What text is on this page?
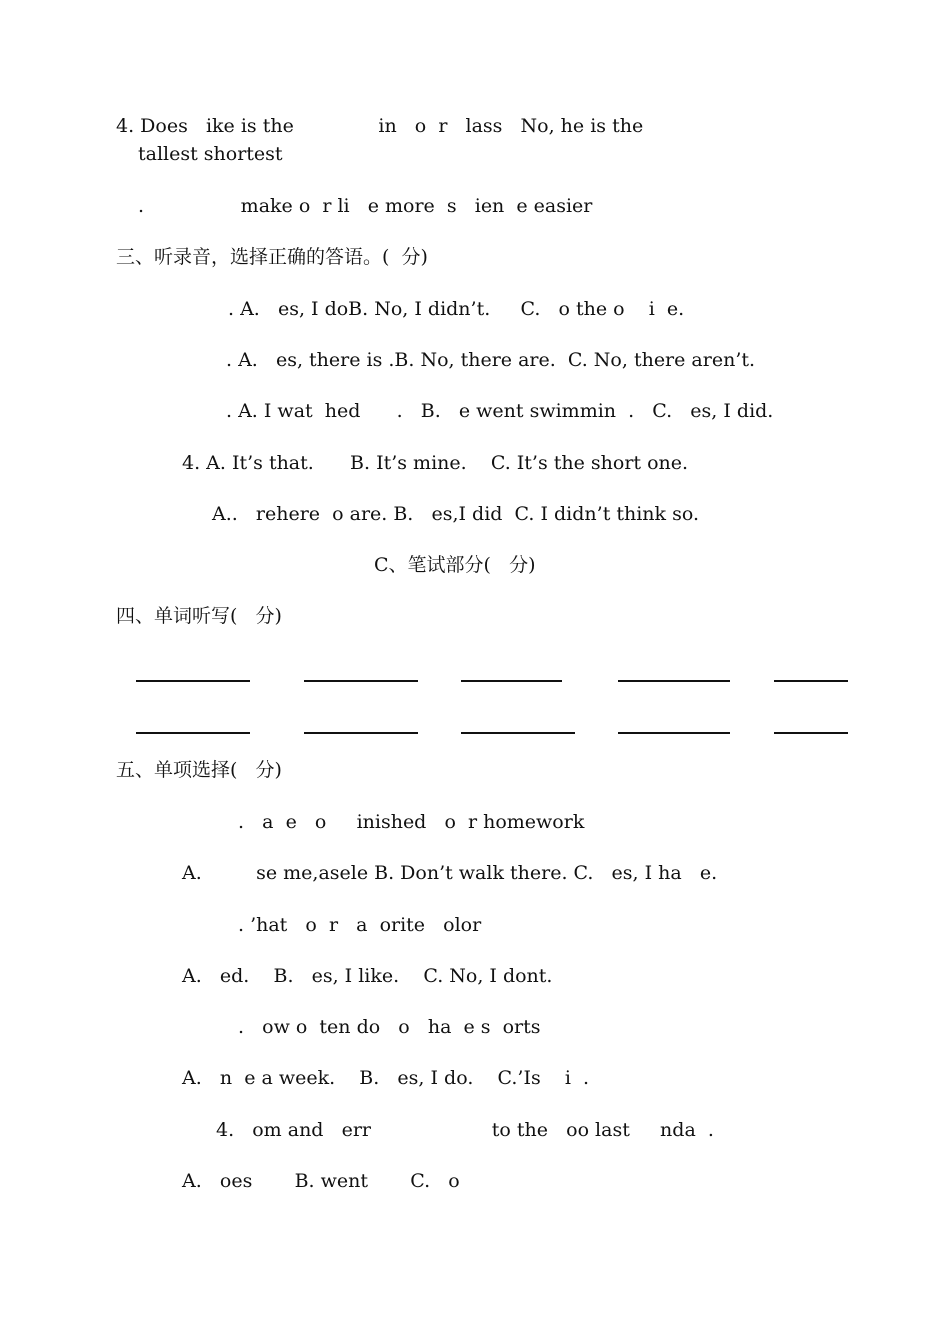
4. Does   ike is the              in   o  r   lass   No, he is the
tallest shortest
.                make o  r li   e more  s   ien  e easier
三、听录音，选择正确的答语。(  分)
. A.   es, I doB. No, I didn’t.     C.   o the o    i  e.
. A.   es, there is .B. No, there are.  C. No, there aren’t.
. A. I wat  hed      .   B.   e went swimmin  .   C.   es, I did.
4. A. It’s that.      B. It’s mine.    C. It’s the short one.
A..   rehere  o are. B.   es,I did  C. I didn’t think so.
C、笔试部分(   分)
四、单词听写(   分)
五、单项选择(   分)
.   a  e   o     inished   o  r homework
A.         se me,asele B. Don’t walk there. C.   es, I ha   e.
. ’hat   o  r   a  orite   olor
A.   ed.    B.   es, I like.    C. No, I dont.
.   ow o  ten do   o   ha  e s  orts
A.   n  e a week.    B.   es, I do.    C.’Is    i  .
4.   om and   err                    to the   oo last     nda  .
A.   oes       B. went       C.   o
